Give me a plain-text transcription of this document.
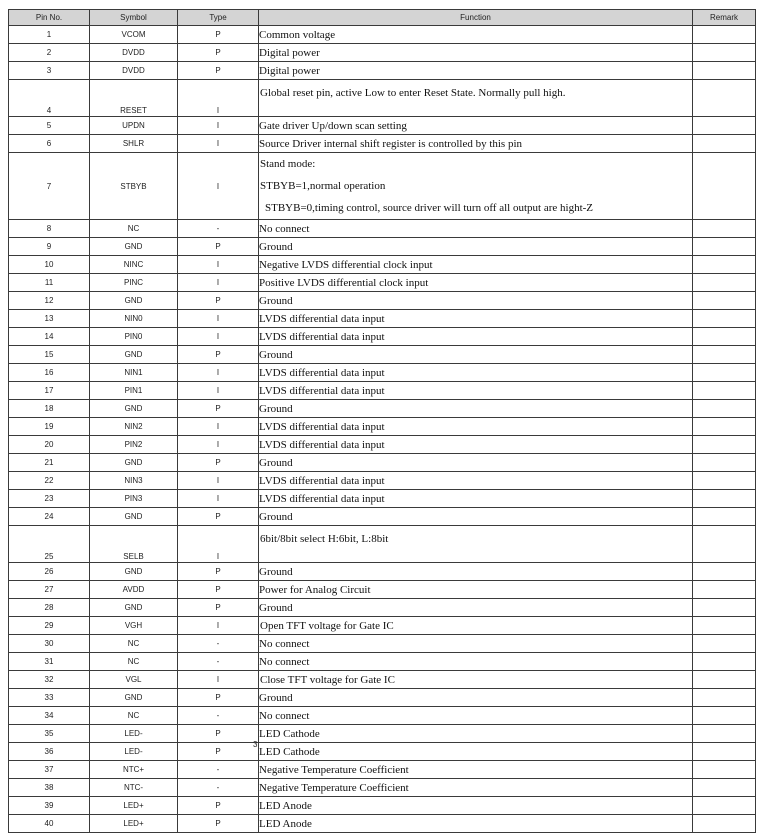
Pin No.	Symbol	Type	Function	Remark
1	VCOM	P	Common voltage	
2	DVDD	P	Digital power	
3	DVDD	P	Digital power	
4	RESET	I	Global reset pin, active Low to enter Reset State. Normally pull high.	
5	UPDN	I	Gate driver Up/down scan setting	
6	SHLR	I	Source Driver internal shift register is controlled by this pin	
7	STBYB	I	Stand mode:
STBYB=1,normal operation
STBYB=0,timing control, source driver will turn off all output are hight-Z	

8	NC	-	No connect	
9	GND	P	Ground	
10	NINC	I	Negative LVDS differential clock input	
11	PINC	I	Positive LVDS differential clock input	
12	GND	P	Ground	
13	NIN0	I	LVDS differential data input	
14	PIN0	I	LVDS differential data input	
15	GND	P	Ground	
16	NIN1	I	LVDS differential data input	
17	PIN1	I	LVDS differential data input	
18	GND	P	Ground	
19	NIN2	I	LVDS differential data input	
20	PIN2	I	LVDS differential data input	
21	GND	P	Ground	
22	NIN3	I	LVDS differential data input	
23	PIN3	I	LVDS differential data input	
24	GND	P	Ground	
25	SELB	I	6bit/8bit select H:6bit, L:8bit	
26	GND	P	Ground	
27	AVDD	P	Power for Analog Circuit	
28	GND	P	Ground	
29	VGH	I	Open TFT voltage for Gate IC	
30	NC	-	No connect	
31	NC	-	No connect	
32	VGL	I	Close TFT voltage for Gate IC	
33	GND	P	Ground	
34	NC	-	No connect	
35	LED-	P	LED Cathode	
36	LED-	P	LED Cathode	
37	NTC+	-	Negative Temperature Coefficient	
38	NTC-	-	Negative Temperature Coefficient	
39	LED+	P	LED Anode	
40	LED+	P	LED Anode	
3
